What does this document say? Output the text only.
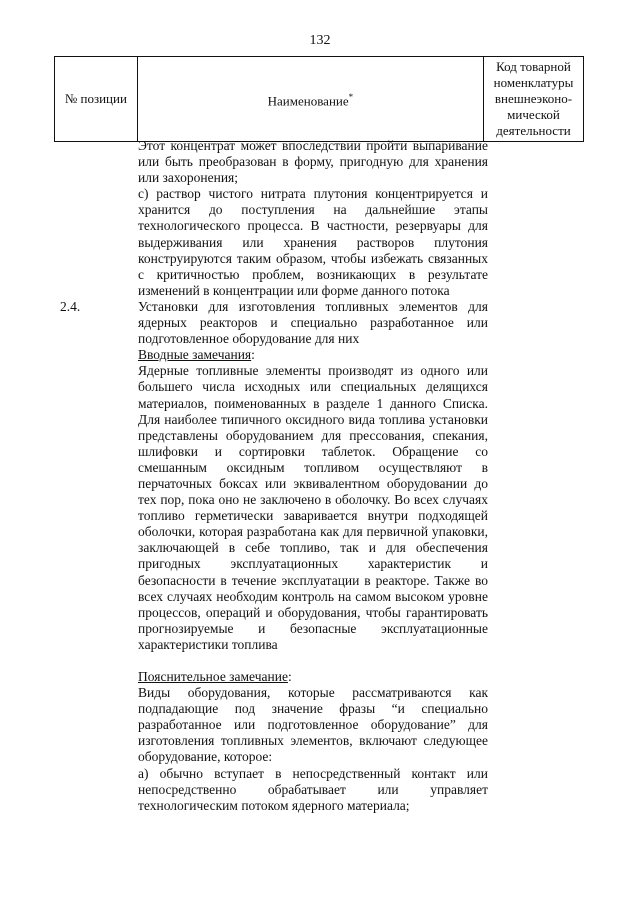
132
№ позиции	Наименование*	Код товарной номенклатуры внешнеэконо-мической деятельности

Этот концентрат может впоследствии пройти выпаривание или быть преобразован в форму, пригодную для хранения или захоронения;

c) раствор чистого нитрата плутония концентрируется и хранится до поступления на дальнейшие этапы технологического процесса. В частности, резервуары для выдерживания или хранения растворов плутония конструируются таким образом, чтобы избежать связанных с критичностью проблем, возникающих в результате изменений в концентрации или форме данного потока

2.4.	Установки для изготовления топливных элементов для ядерных реакторов и специально разработанное или подготовленное оборудование для них

Вводные замечания:

Ядерные топливные элементы производят из одного или большего числа исходных или специальных делящихся материалов, поименованных в разделе 1 данного Списка. Для наиболее типичного оксидного вида топлива установки представлены оборудованием для прессования, спекания, шлифовки и сортировки таблеток. Обращение со смешанным оксидным топливом осуществляют в перчаточных боксах или эквивалентном оборудовании до тех пор, пока оно не заключено в оболочку. Во всех случаях топливо герметически заваривается внутри подходящей оболочки, которая разработана как для первичной упаковки, заключающей в себе топливо, так и для обеспечения пригодных эксплуатационных характеристик и безопасности в течение эксплуатации в реакторе. Также во всех случаях необходим контроль на самом высоком уровне процессов, операций и оборудования, чтобы гарантировать прогнозируемые и безопасные эксплуатационные характеристики топлива

Пояснительное замечание:

Виды оборудования, которые рассматриваются как подпадающие под значение фразы “и специально разработанное или подготовленное оборудование” для изготовления топливных элементов, включают следующее оборудование, которое:

a) обычно вступает в непосредственный контакт или непосредственно обрабатывает или управляет технологическим потоком ядерного материала;
